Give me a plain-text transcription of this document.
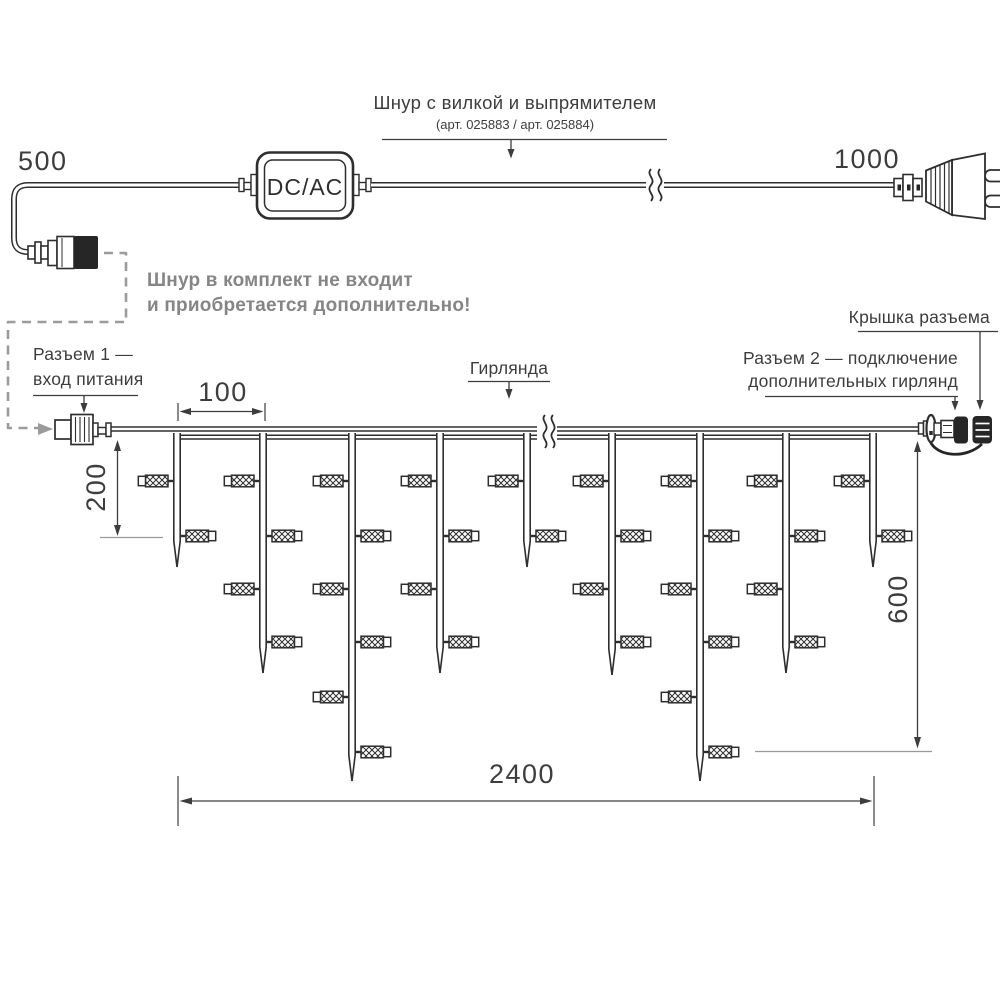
Шнур с вилкой и выпрямителем
(арт. 025883 / арт. 025884)
500	1000
DC/AC
Шнур в комплект не входит
и приобретается дополнительно!
Разъем 1 —
вход питания
Гирлянда	Разъем 2 — подключение
дополнительных гирлянд
Крышка разъема
100
200
600
2400
